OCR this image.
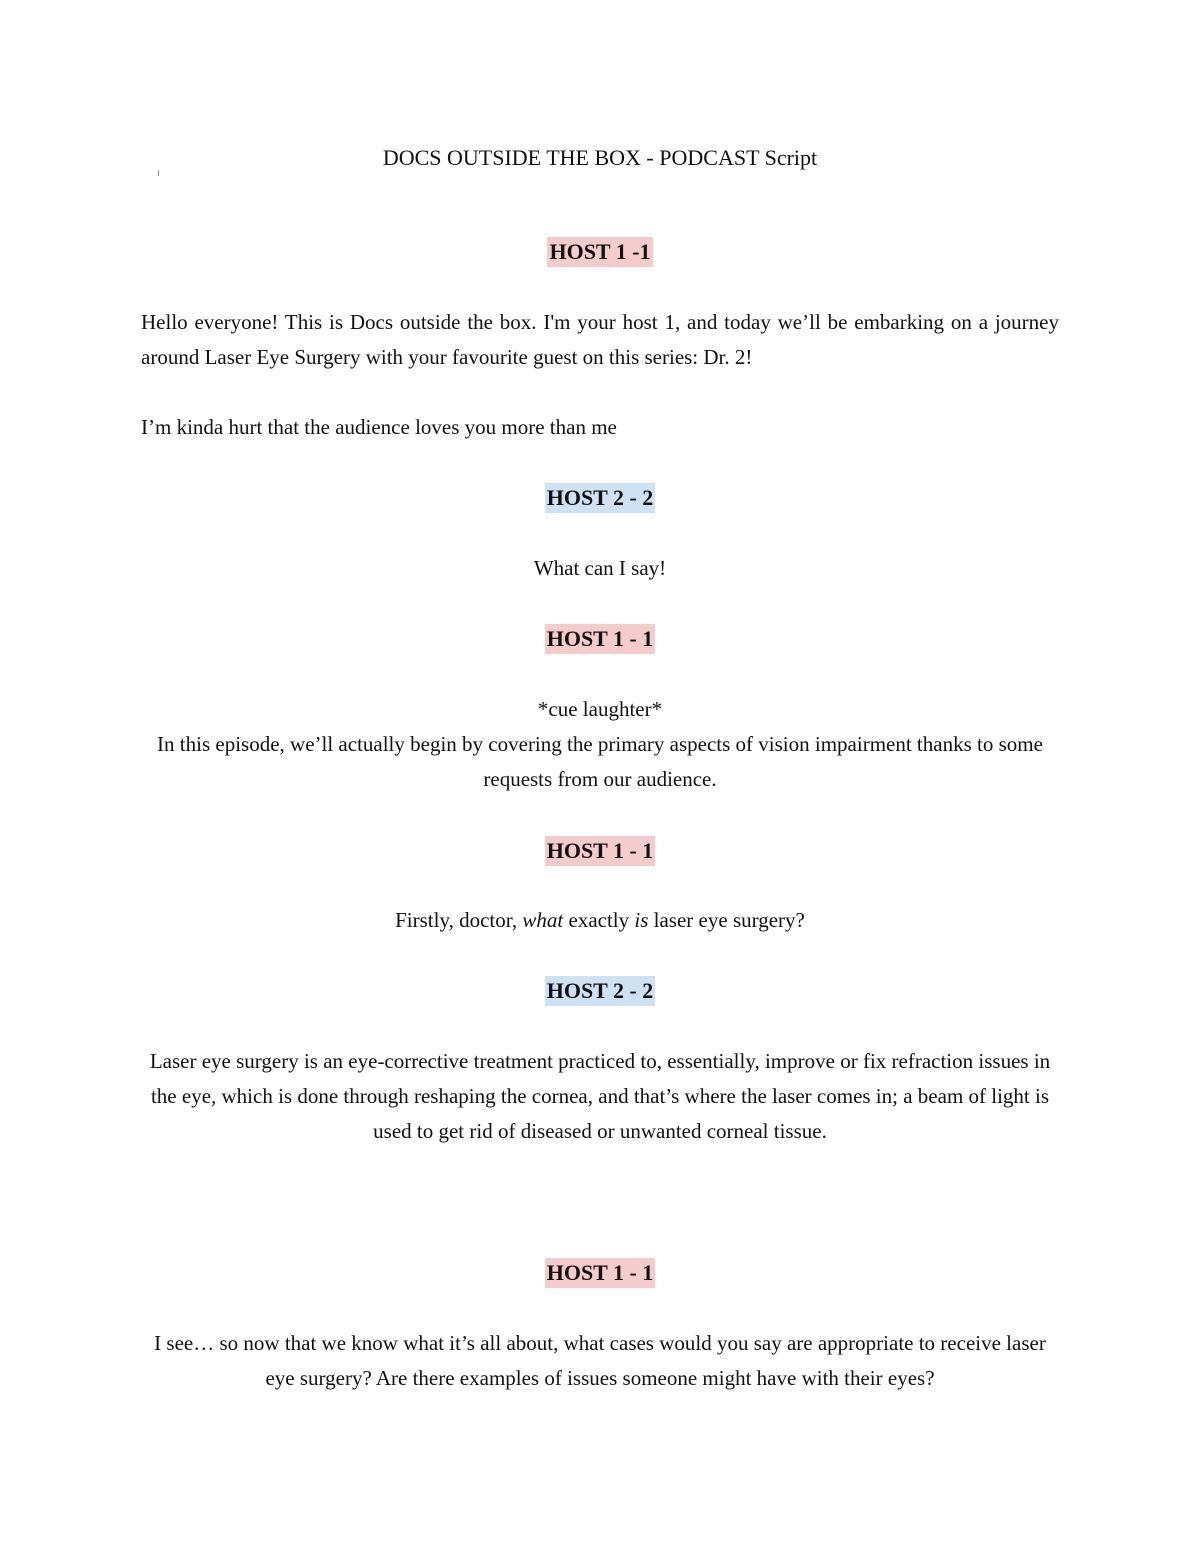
DOCS OUTSIDE THE BOX - PODCAST Script
HOST 1 -1
Hello everyone! This is Docs outside the box. I'm your host 1, and today we’ll be embarking on a journey around Laser Eye Surgery with your favourite guest on this series: Dr. 2!
I’m kinda hurt that the audience loves you more than me
HOST 2 - 2
What can I say!
HOST 1 - 1
*cue laughter*
In this episode, we’ll actually begin by covering the primary aspects of vision impairment thanks to some requests from our audience.
HOST 1 - 1
Firstly, doctor, what exactly is laser eye surgery?
HOST 2 - 2
Laser eye surgery is an eye-corrective treatment practiced to, essentially, improve or fix refraction issues in the eye, which is done through reshaping the cornea, and that’s where the laser comes in; a beam of light is used to get rid of diseased or unwanted corneal tissue.
HOST 1 - 1
I see… so now that we know what it’s all about, what cases would you say are appropriate to receive laser eye surgery? Are there examples of issues someone might have with their eyes?
